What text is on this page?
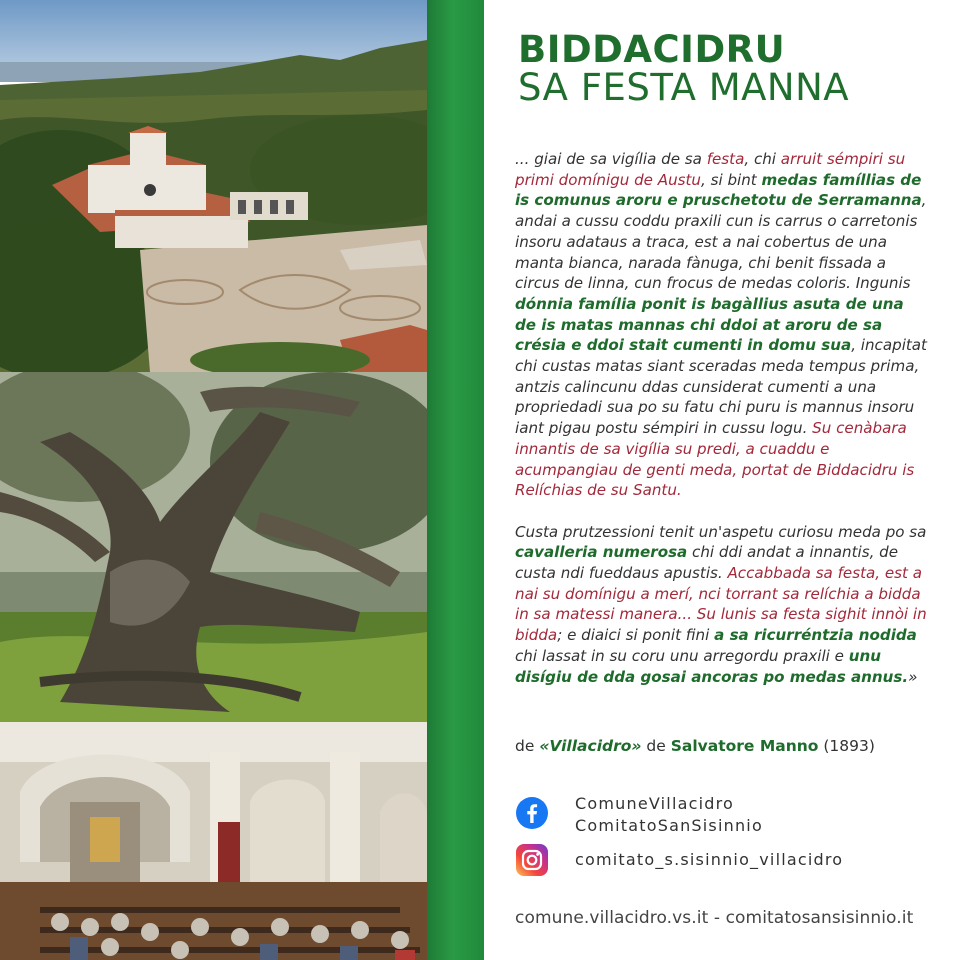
BIDDACIDRU
SA FESTA MANNA

... giai de sa vigília de sa festa, chi arruit sémpiri su primi domínigu de Austu, si bint medas famíllias de is comunus aroru e pruschetotu de Serramanna, andai a cussu coddu praxili cun is carrus o carretonis insoru adataus a traca, est a nai cobertus de una manta bianca, narada fànuga, chi benit fissada a circus de linna, cun frocus de medas coloris. Ingunis dónnia família ponit is bagàllius asuta de una de is matas mannas chi ddoi at aroru de sa crésia e ddoi stait cumenti in domu sua, incapitat chi custas matas siant sceradas meda tempus prima, antzis calincunu ddas cunsiderat cumenti a una propriedadi sua po su fatu chi puru is mannus insoru iant pigau postu sémpiri in cussu logu. Su cenàbara innantis de sa vigília su predi, a cuaddu e acumpangiau de genti meda, portat de Biddacidru is Relíchias de su Santu.

Custa prutzessioni tenit un'aspetu curiosu meda po sa cavalleria numerosa chi ddi andat a innantis, de custa ndi fueddaus apustis. Accabbada sa festa, est a nai su domínigu a merí, nci torrant sa relíchia a bidda in sa matessi manera... Su lunis sa festa sighit innòi in bidda; e diaici si ponit fini a sa ricurréntzia nodida chi lassat in su coru unu arregordu praxili e unu disígiu de dda gosai ancoras po medas annus.»

de «Villacidro» de Salvatore Manno (1893)
ComuneVillacidro
ComitatoSanSisinnio
comitato_s.sisinnio_villacidro
comune.villacidro.vs.it - comitatosansisinnio.it
